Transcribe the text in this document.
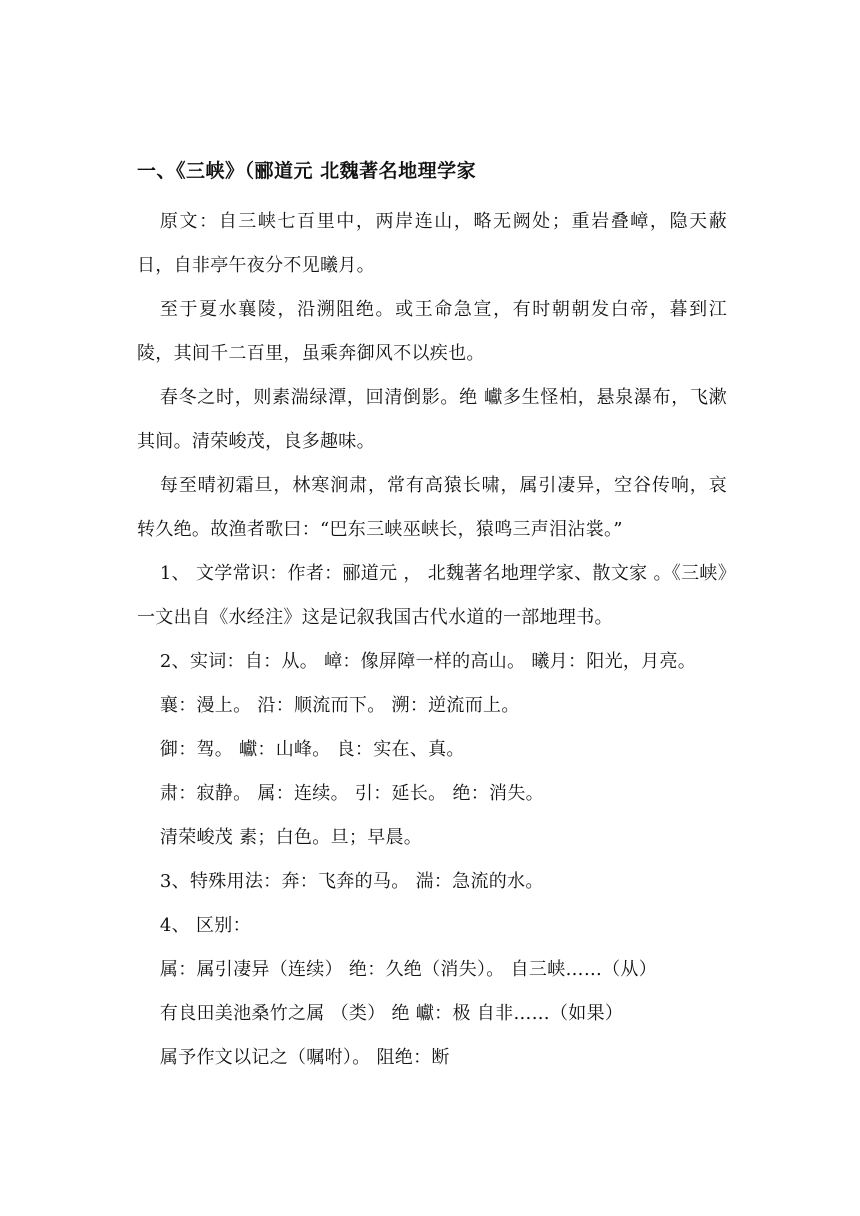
一、《三峡》（郦道元 北魏著名地理学家

原文：自三峡七百里中，两岸连山，略无阙处；重岩叠嶂，隐天蔽日，自非亭午夜分不见曦月。

至于夏水襄陵，沿溯阻绝。或王命急宣，有时朝朝发白帝，暮到江陵，其间千二百里，虽乘奔御风不以疾也。

春冬之时，则素湍绿潭，回清倒影。绝 巘多生怪柏，悬泉瀑布，飞漱其间。清荣峻茂，良多趣味。

每至晴初霜旦，林寒涧肃，常有高猿长啸，属引凄异，空谷传响，哀转久绝。故渔者歌曰：“巴东三峡巫峡长，猿鸣三声泪沾裳。”

1、 文学常识：作者：郦道元 ， 北魏著名地理学家、散文家 。《三峡》一文出自《水经注》这是记叙我国古代水道的一部地理书。

2、实词：自：从。 嶂：像屏障一样的高山。 曦月：阳光，月亮。

襄：漫上。 沿：顺流而下。 溯：逆流而上。

御：驾。 巘：山峰。 良：实在、真。

肃：寂静。 属：连续。 引：延长。 绝：消失。

清荣峻茂 素；白色。旦；早晨。

3、特殊用法：奔：飞奔的马。 湍：急流的水。

4、 区别：

属：属引凄异（连续） 绝：久绝（消失）。 自三峡……（从）

有良田美池桑竹之属 （类） 绝 巘：极 自非……（如果）

属予作文以记之（嘱咐）。 阻绝：断
